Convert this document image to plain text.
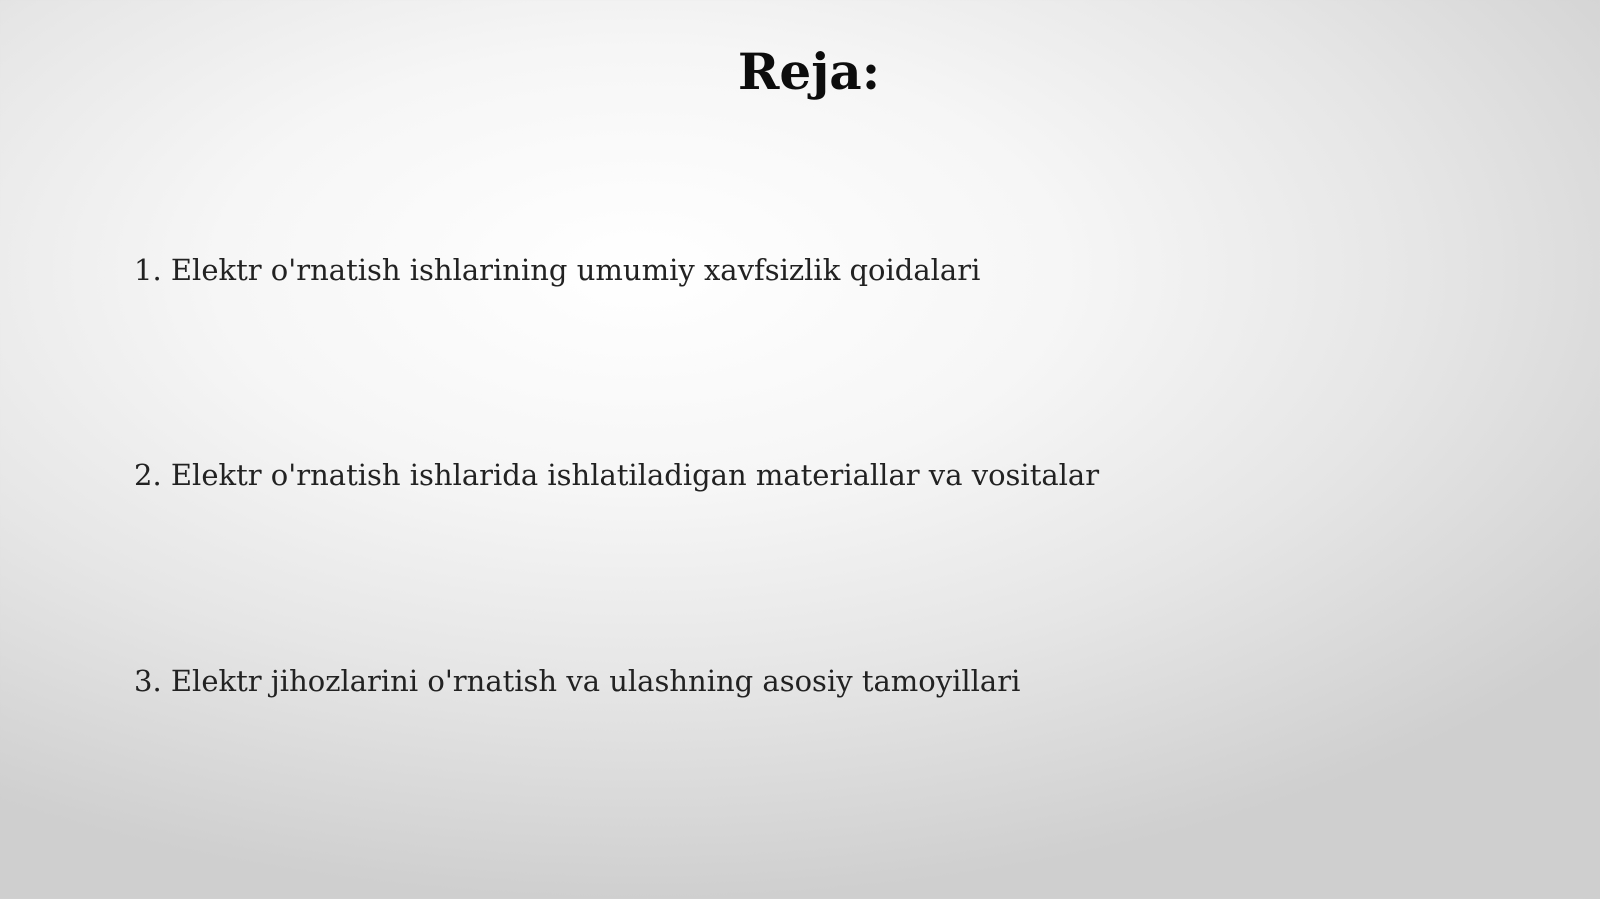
Reja:
1. Elektr o'rnatish ishlarining umumiy xavfsizlik qoidalari
2. Elektr o'rnatish ishlarida ishlatiladigan materiallar va vositalar
3. Elektr jihozlarini o'rnatish va ulashning asosiy tamoyillari
